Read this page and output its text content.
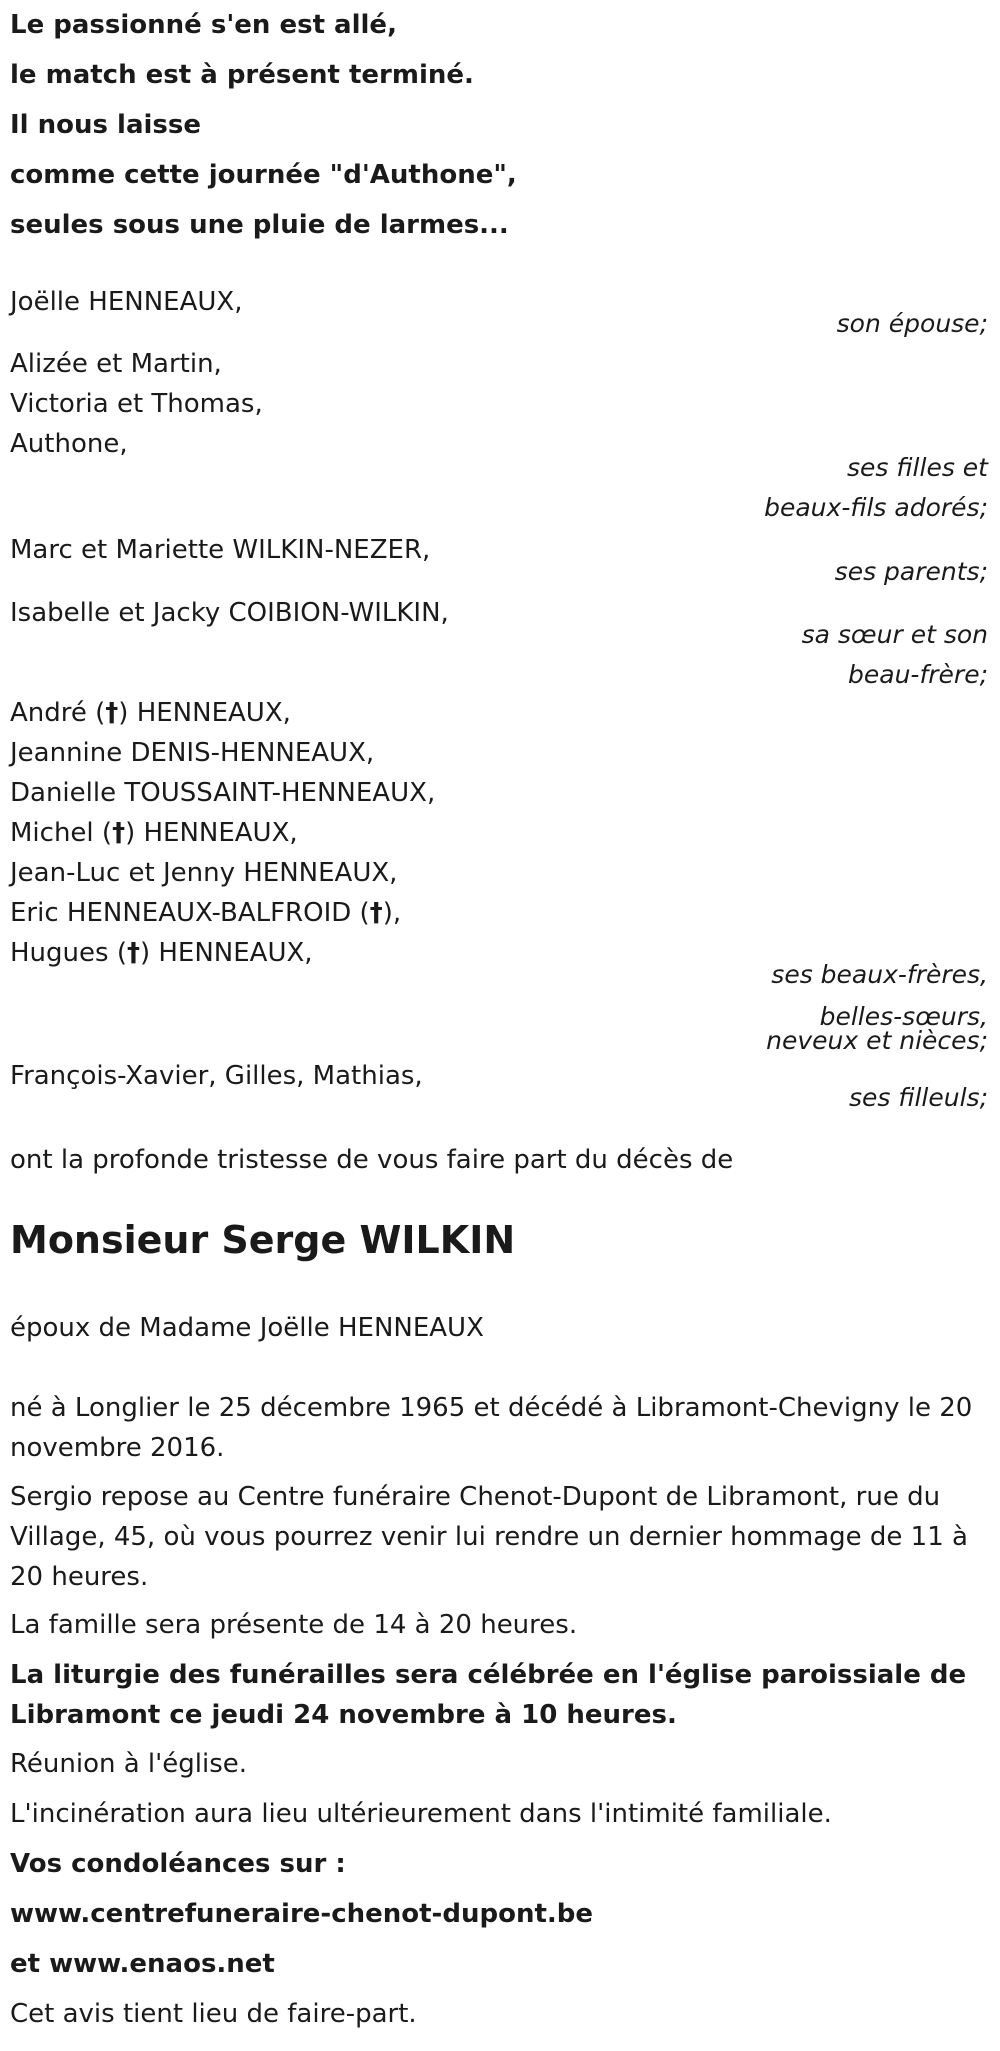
Le passionné s'en est allé,
le match est à présent terminé.
Il nous laisse
comme cette journée "d'Authone",
seules sous une pluie de larmes...
Joëlle HENNEAUX,
son épouse;
Alizée et Martin,
Victoria et Thomas,
Authone,
ses filles et
beaux-fils adorés;
Marc et Mariette WILKIN-NEZER,
ses parents;
Isabelle et Jacky COIBION-WILKIN,
sa sœur et son
beau-frère;
André (†) HENNEAUX,
Jeannine DENIS-HENNEAUX,
Danielle TOUSSAINT-HENNEAUX,
Michel (†) HENNEAUX,
Jean-Luc et Jenny HENNEAUX,
Eric HENNEAUX-BALFROID (†),
Hugues (†) HENNEAUX,
ses beaux-frères,
belles-sœurs,
neveux et nièces;
François-Xavier, Gilles, Mathias,
ses filleuls;
ont la profonde tristesse de vous faire part du décès de
Monsieur Serge WILKIN
époux de Madame Joëlle HENNEAUX
né à Longlier le 25 décembre 1965 et décédé à Libramont-Chevigny le 20 novembre 2016.
Sergio repose au Centre funéraire Chenot-Dupont de Libramont, rue du Village, 45, où vous pourrez venir lui rendre un dernier hommage de 11 à 20 heures.
La famille sera présente de 14 à 20 heures.
La liturgie des funérailles sera célébrée en l'église paroissiale de Libramont ce jeudi 24 novembre à 10 heures.
Réunion à l'église.
L'incinération aura lieu ultérieurement dans l'intimité familiale.
Vos condoléances sur :
www.centrefuneraire-chenot-dupont.be
et www.enaos.net
Cet avis tient lieu de faire-part.
